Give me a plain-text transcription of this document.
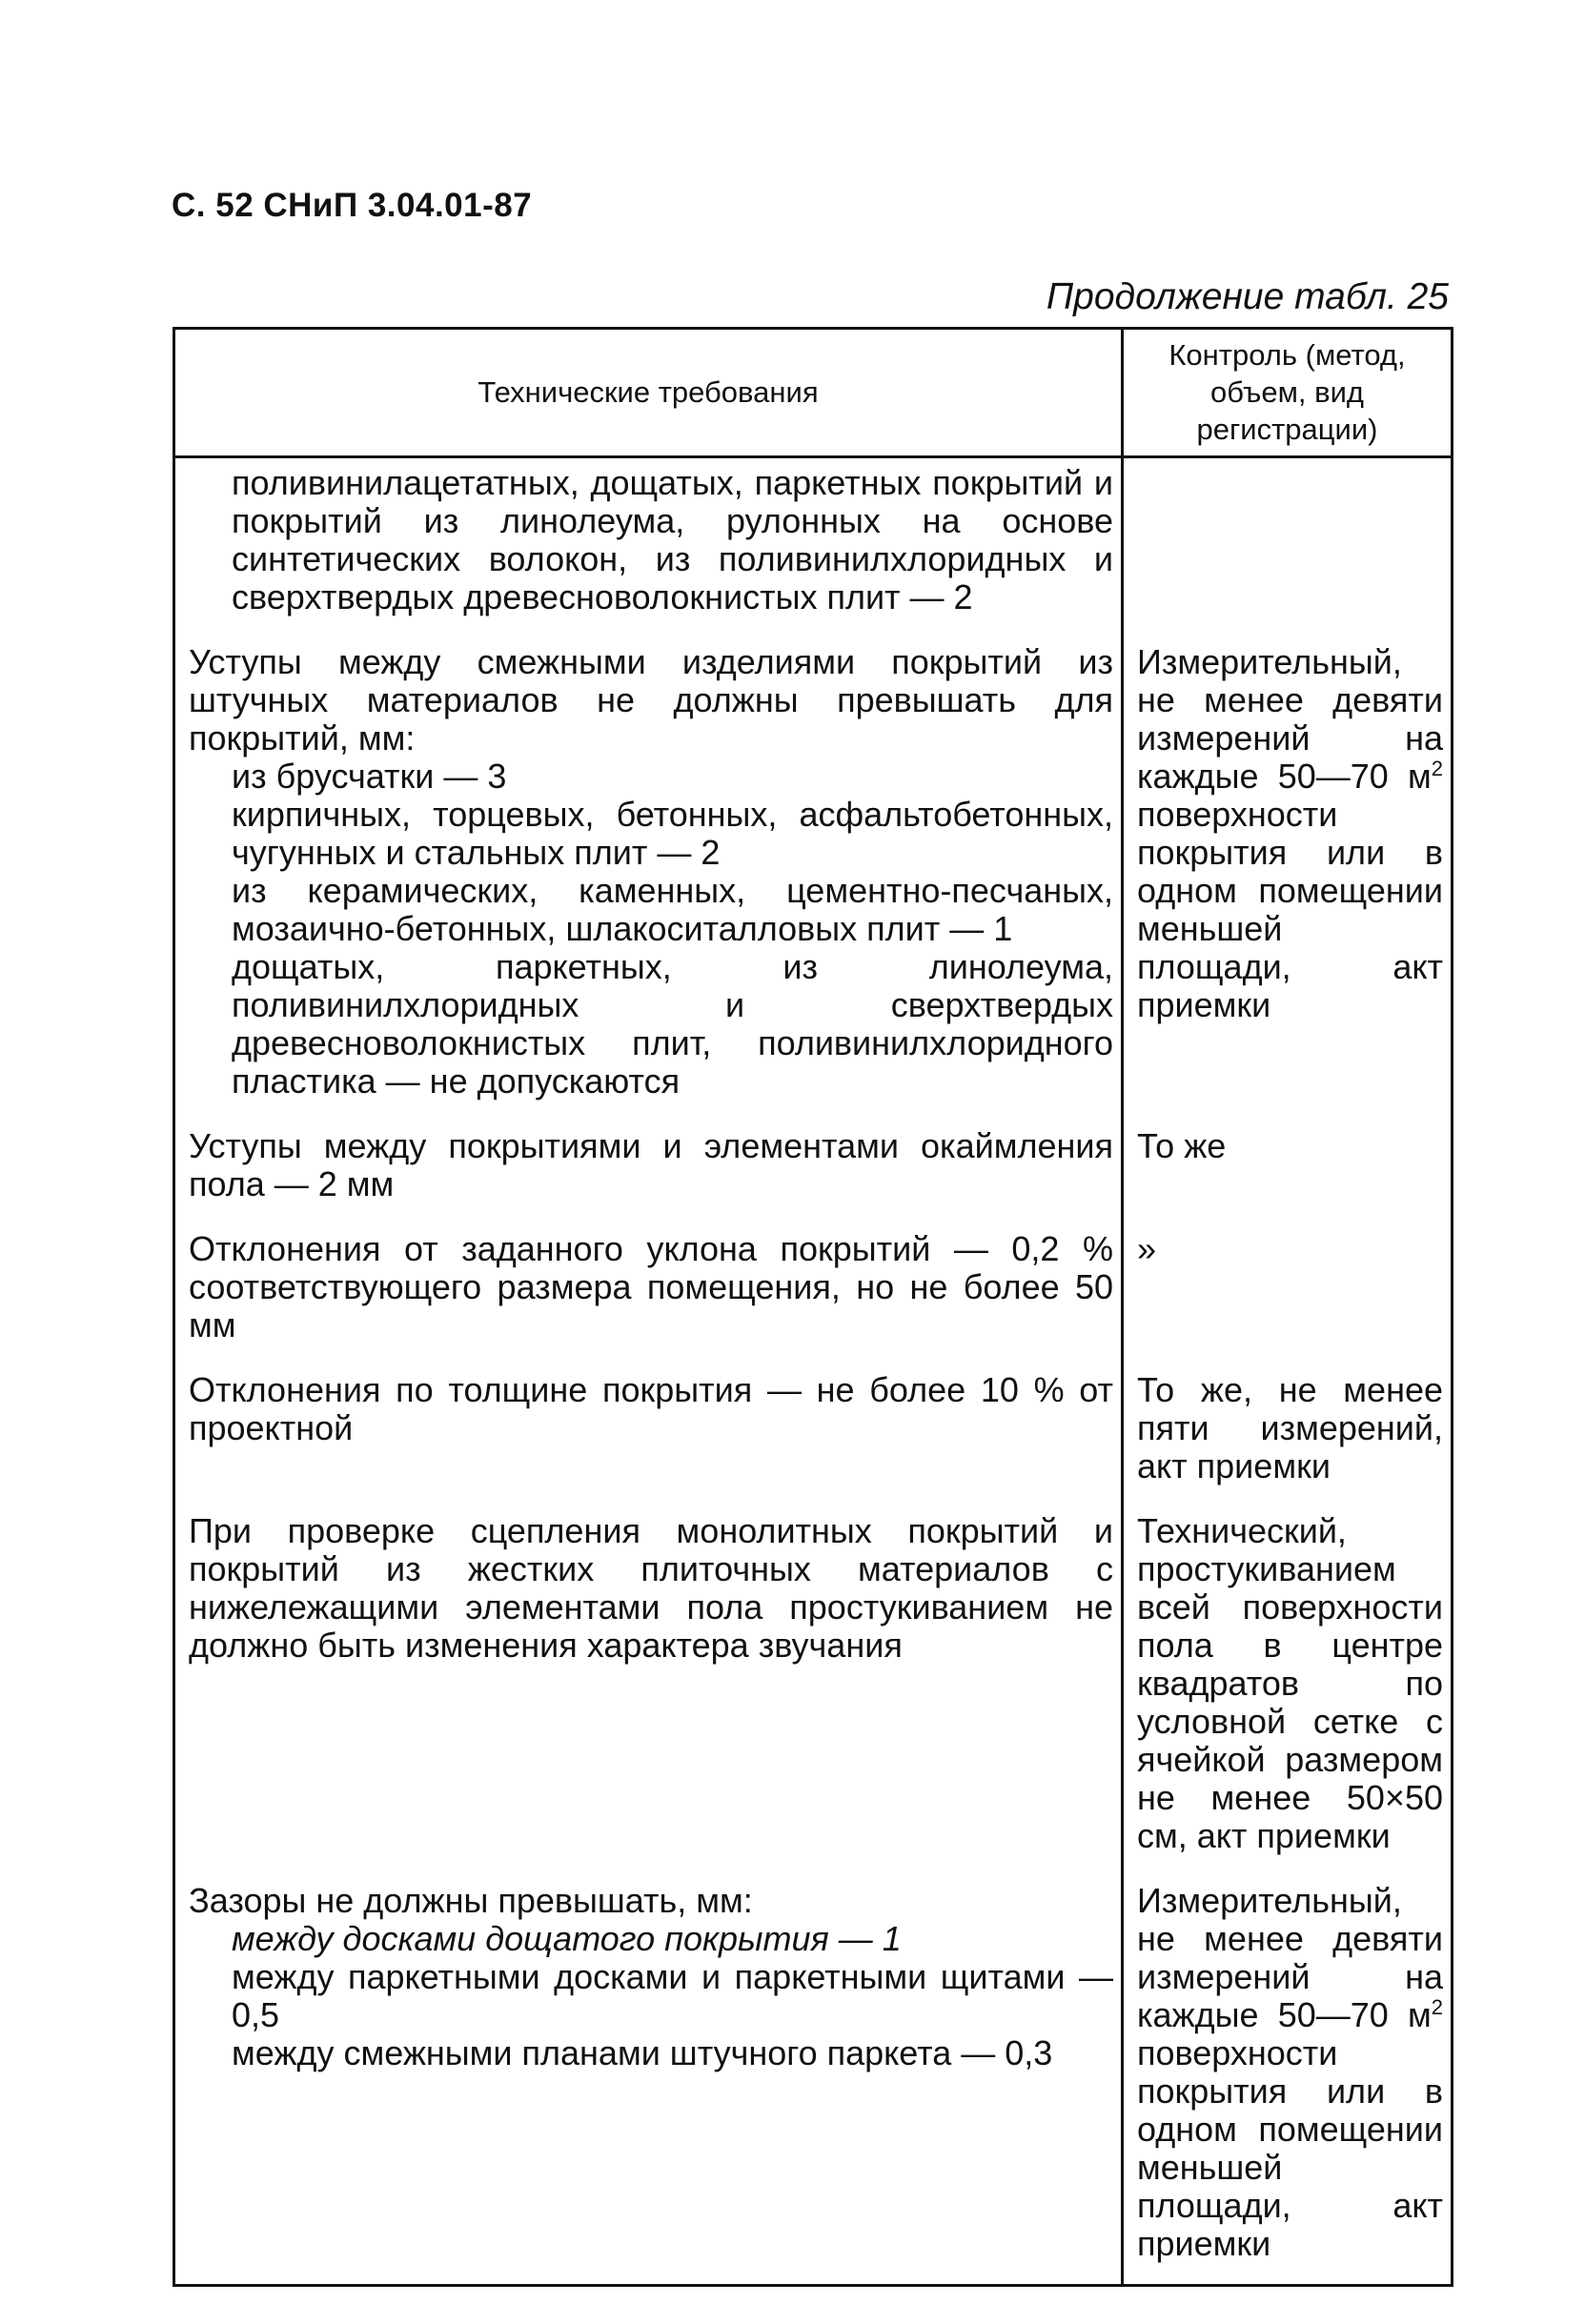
С. 52 СНиП 3.04.01-87
Продолжение табл. 25
Технические требования	Контроль (метод, объем, вид регистрации)

поливинилацетатных, дощатых, паркетных покрытий и покрытий из линолеума, рулонных на основе синтетических волокон, из поливинилхлоридных и сверхтвердых древесноволокнистых плит — 2	

Уступы между смежными изделиями покрытий из штучных материалов не должны превышать для покрытий, мм:
из брусчатки — 3
кирпичных, торцевых, бетонных, асфальтобетонных, чугунных и стальных плит — 2
из керамических, каменных, цементно-песчаных, мозаично-бетонных, шлакоситалловых плит — 1
дощатых, паркетных, из линолеума, поливинилхлоридных и сверхтвердых древесноволокнистых плит, поливинилхлоридного пластика — не допускаются	Измерительный, не менее девяти измерений на каждые 50—70 $м^2$ поверхности покрытия или в одном помещении меньшей площади, акт приемки
Уступы между покрытиями и элементами окаймления пола — 2 мм	То же
Отклонения от заданного уклона покрытий — 0,2 % соответствующего размера помещения, но не более 50 мм	»
Отклонения по толщине покрытия — не более 10 % от проектной	То же, не менее пяти измерений, акт приемки
При проверке сцепления монолитных покрытий и покрытий из жестких плиточных материалов с нижележащими элементами пола простукиванием не должно быть изменения характера звучания	Технический, простукиванием всей поверхности пола в центре квадратов по условной сетке с ячейкой размером не менее 50×50 см, акт приемки

Зазоры не должны превышать, мм:
между досками дощатого покрытия — 1
между паркетными досками и паркетными щитами — 0,5
между смежными планами штучного паркета — 0,3	Измерительный, не менее девяти измерений на каждые 50—70 $м^2$ поверхности покрытия или в одном помещении меньшей площади, акт приемки
